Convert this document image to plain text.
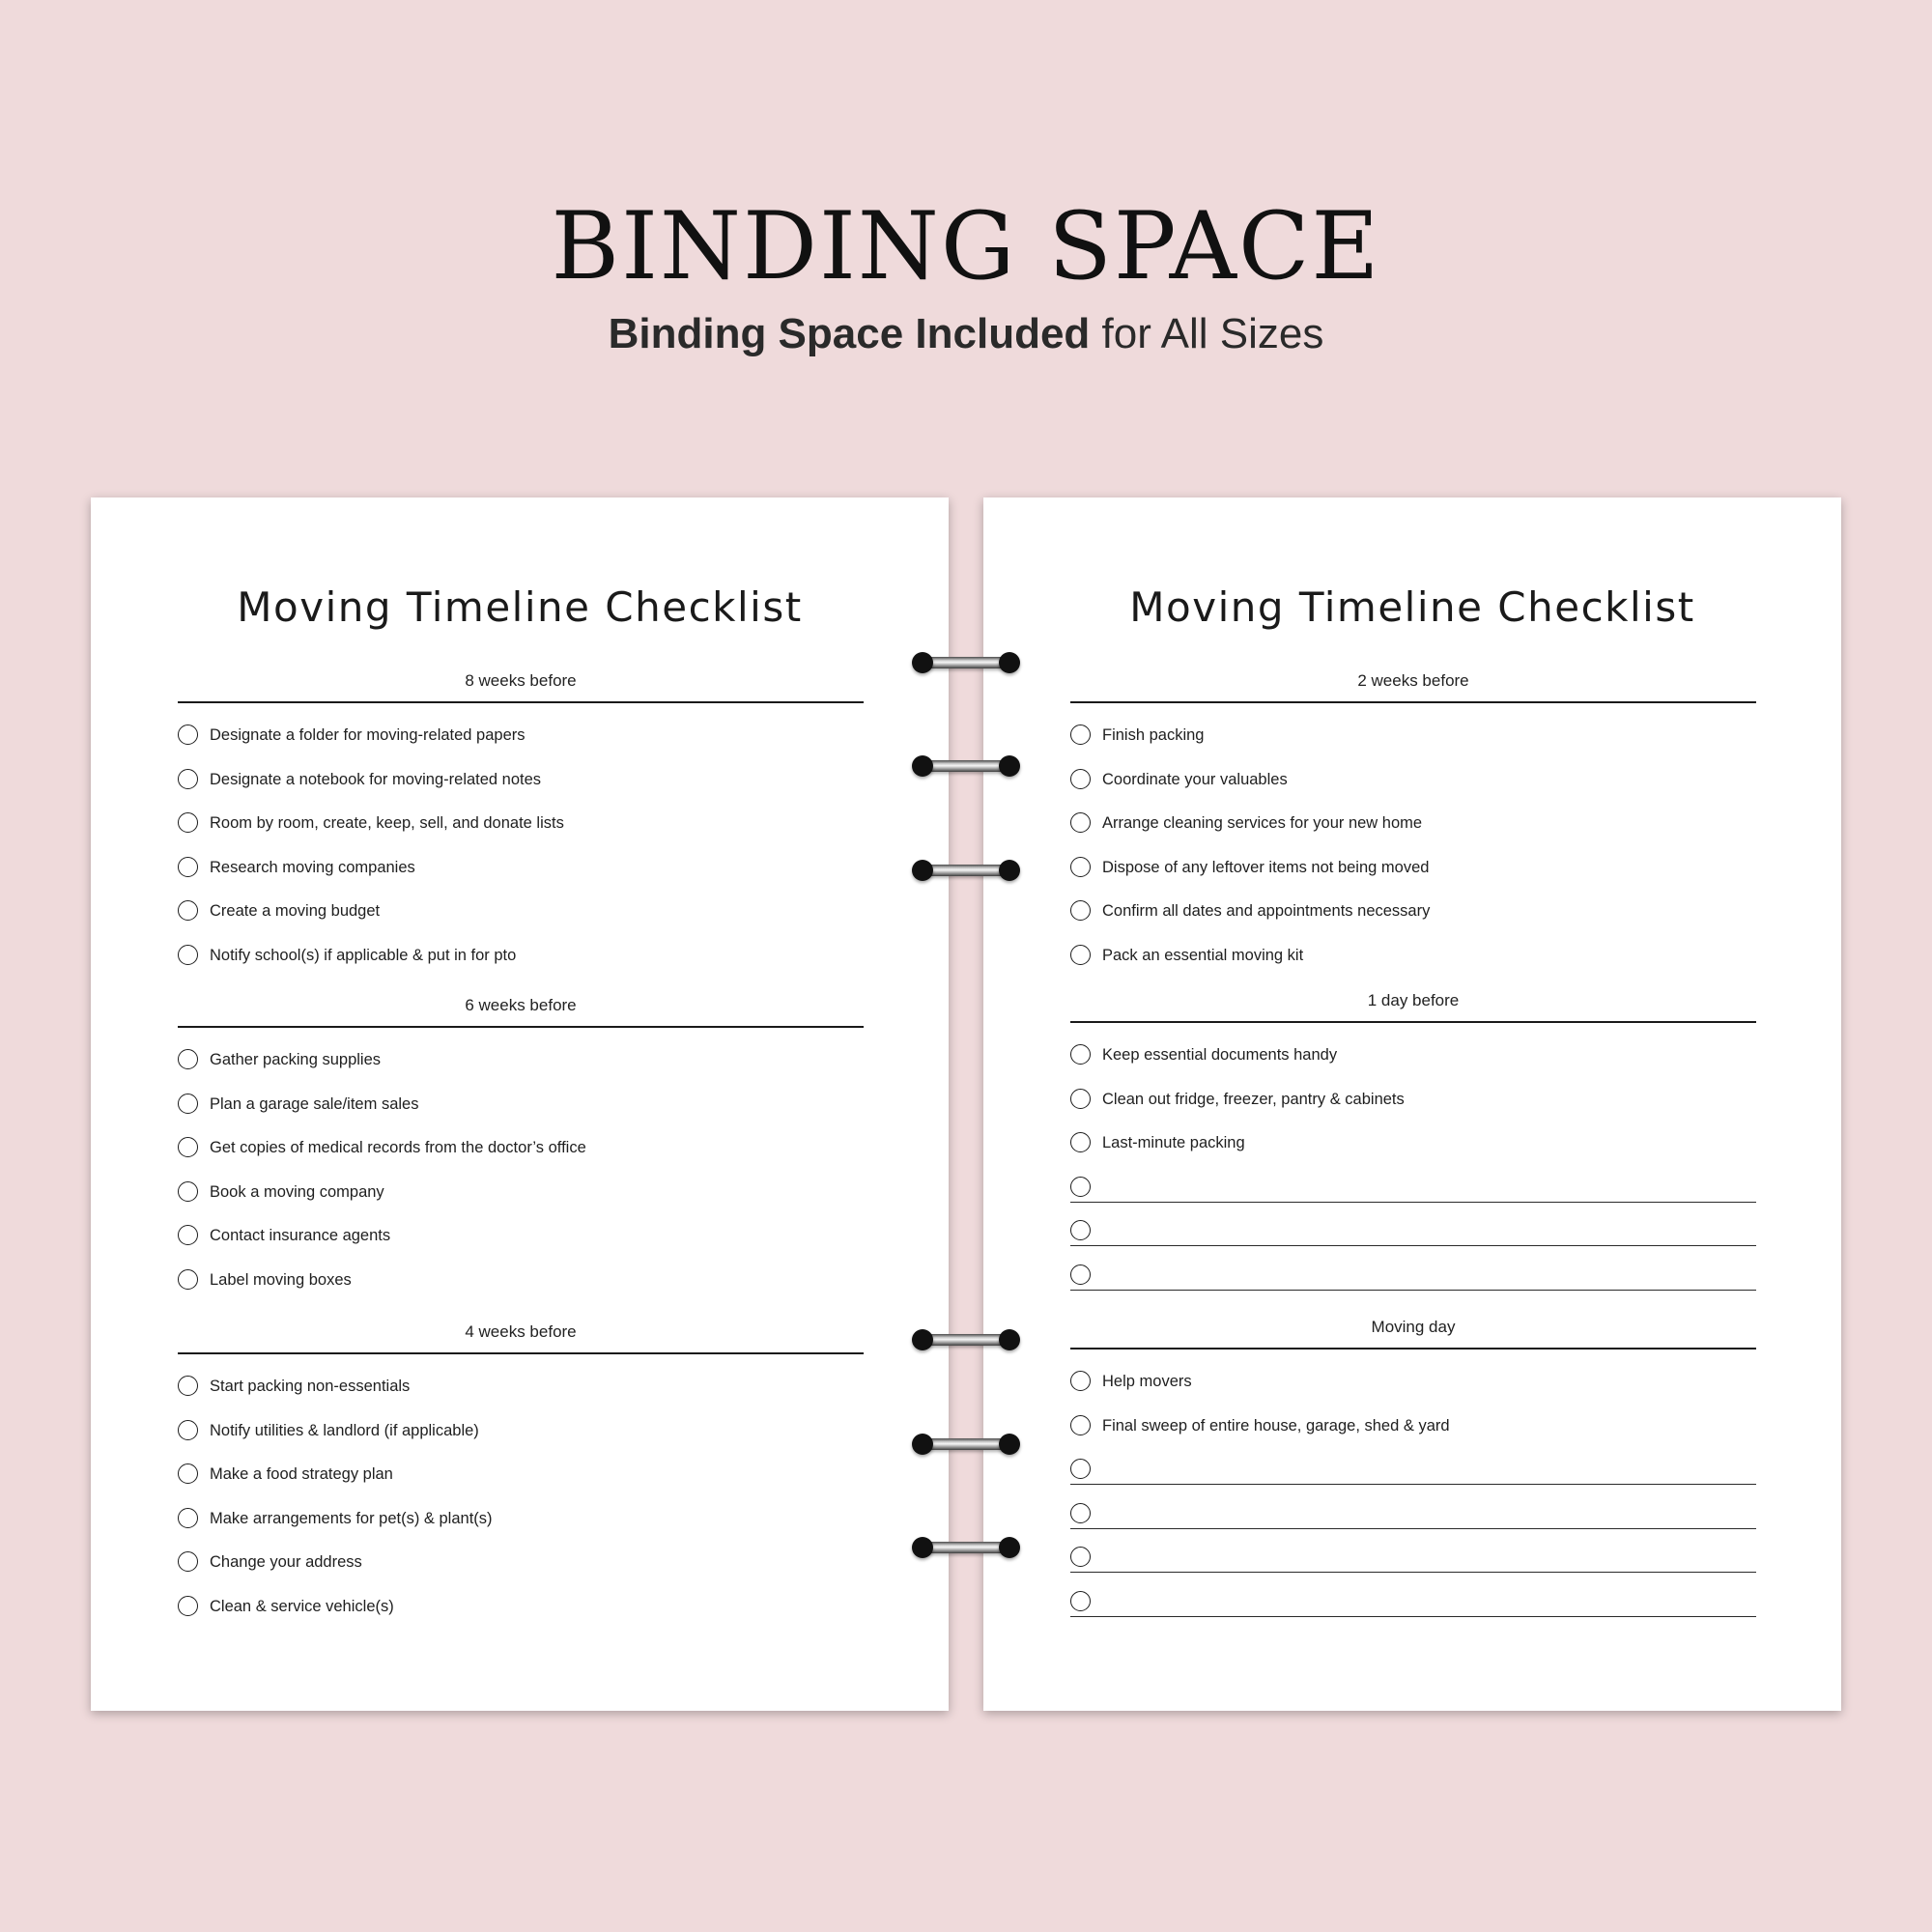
BINDING SPACE
Binding Space Included for All Sizes
Moving Timeline Checklist
8 weeks before
Designate a folder for moving-related papers
Designate a notebook for moving-related notes
Room by room, create, keep, sell, and donate lists
Research moving companies
Create a moving budget
Notify school(s) if applicable & put in for pto
6 weeks before
Gather packing supplies
Plan a garage sale/item sales
Get copies of medical records from the doctor’s office
Book a moving company
Contact insurance agents
Label moving boxes
4 weeks before
Start packing non-essentials
Notify utilities & landlord (if applicable)
Make a food strategy plan
Make arrangements for pet(s) & plant(s)
Change your address
Clean & service vehicle(s)
Moving Timeline Checklist
2 weeks before
Finish packing
Coordinate your valuables
Arrange cleaning services for your new home
Dispose of any leftover items not being moved
Confirm all dates and appointments necessary
Pack an essential moving kit
1 day before
Keep essential documents handy
Clean out fridge, freezer, pantry & cabinets
Last-minute packing
Moving day
Help movers
Final sweep of entire house, garage, shed & yard
